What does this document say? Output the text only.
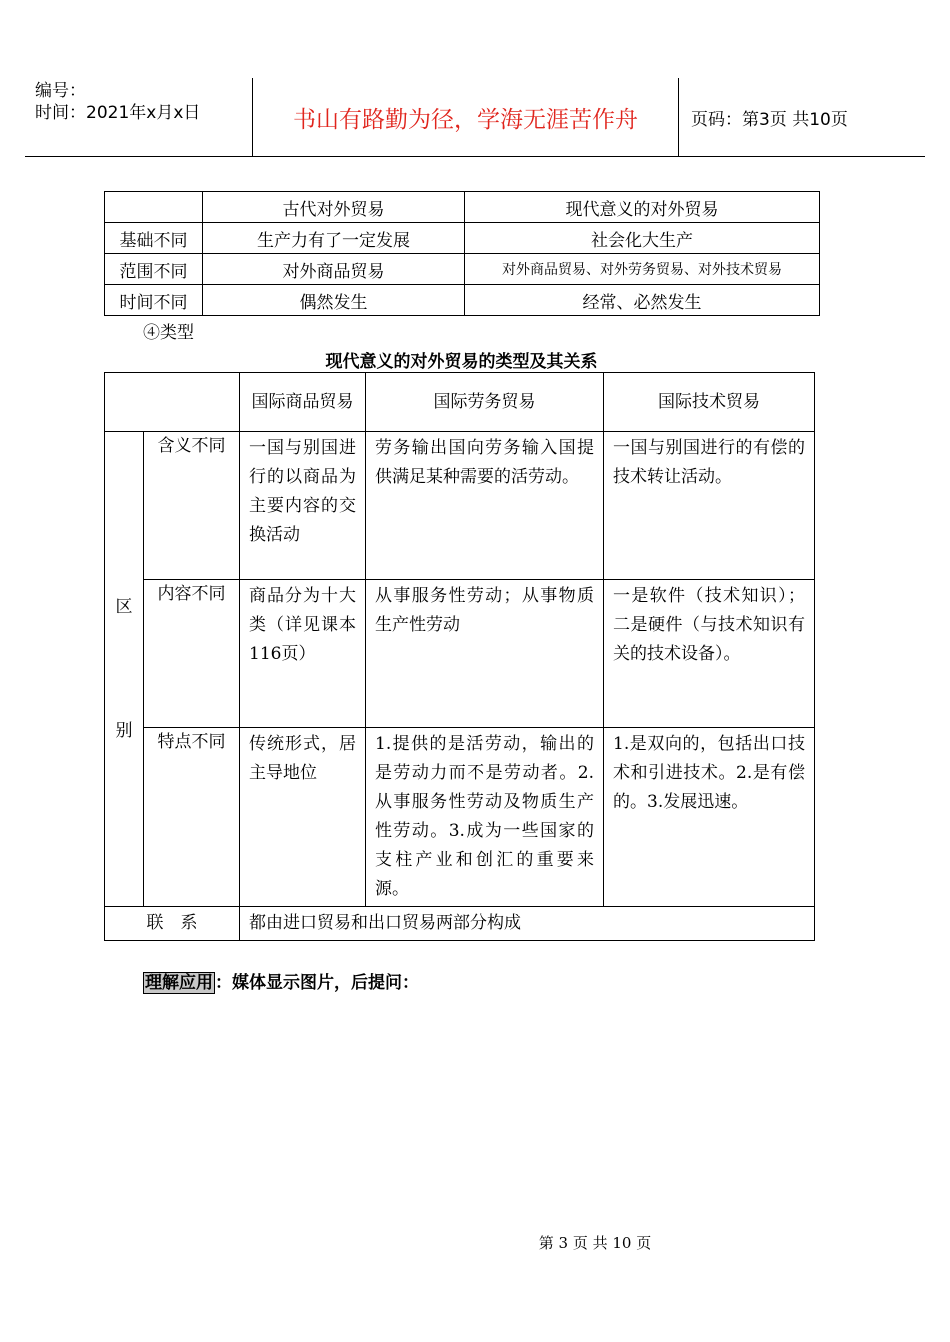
编号：
时间：2021年x月x日	书山有路勤为径，学海无涯苦作舟	页码：第3页 共10页
	古代对外贸易	现代意义的对外贸易
基础不同	生产力有了一定发展	社会化大生产
范围不同	对外商品贸易	对外商品贸易、对外劳务贸易、对外技术贸易
时间不同	偶然发生	经常、必然发生
④类型
现代意义的对外贸易的类型及其关系
		国际商品贸易	国际劳务贸易	国际技术贸易

区
别	含义不同	一国与别国进行的以商品为主要内容的交换活动	劳务输出国向劳务输入国提供满足某种需要的活劳动。	一国与别国进行的有偿的技术转让活动。
	内容不同	商品分为十大类（详见课本116页）	从事服务性劳动；从事物质生产性劳动	一是软件（技术知识）；二是硬件（与技术知识有关的技术设备）。
	特点不同	传统形式，居主导地位	1.提供的是活劳动，输出的是劳动力而不是劳动者。2.从事服务性劳动及物质生产性劳动。3.成为一些国家的支柱产业和创汇的重要来源。	1.是双向的，包括出口技术和引进技术。2.是有偿的。3.发展迅速。
联　系		都由进口贸易和出口贸易两部分构成		
理解应用 ：媒体显示图片，后提问：
第 3 页 共 10 页
